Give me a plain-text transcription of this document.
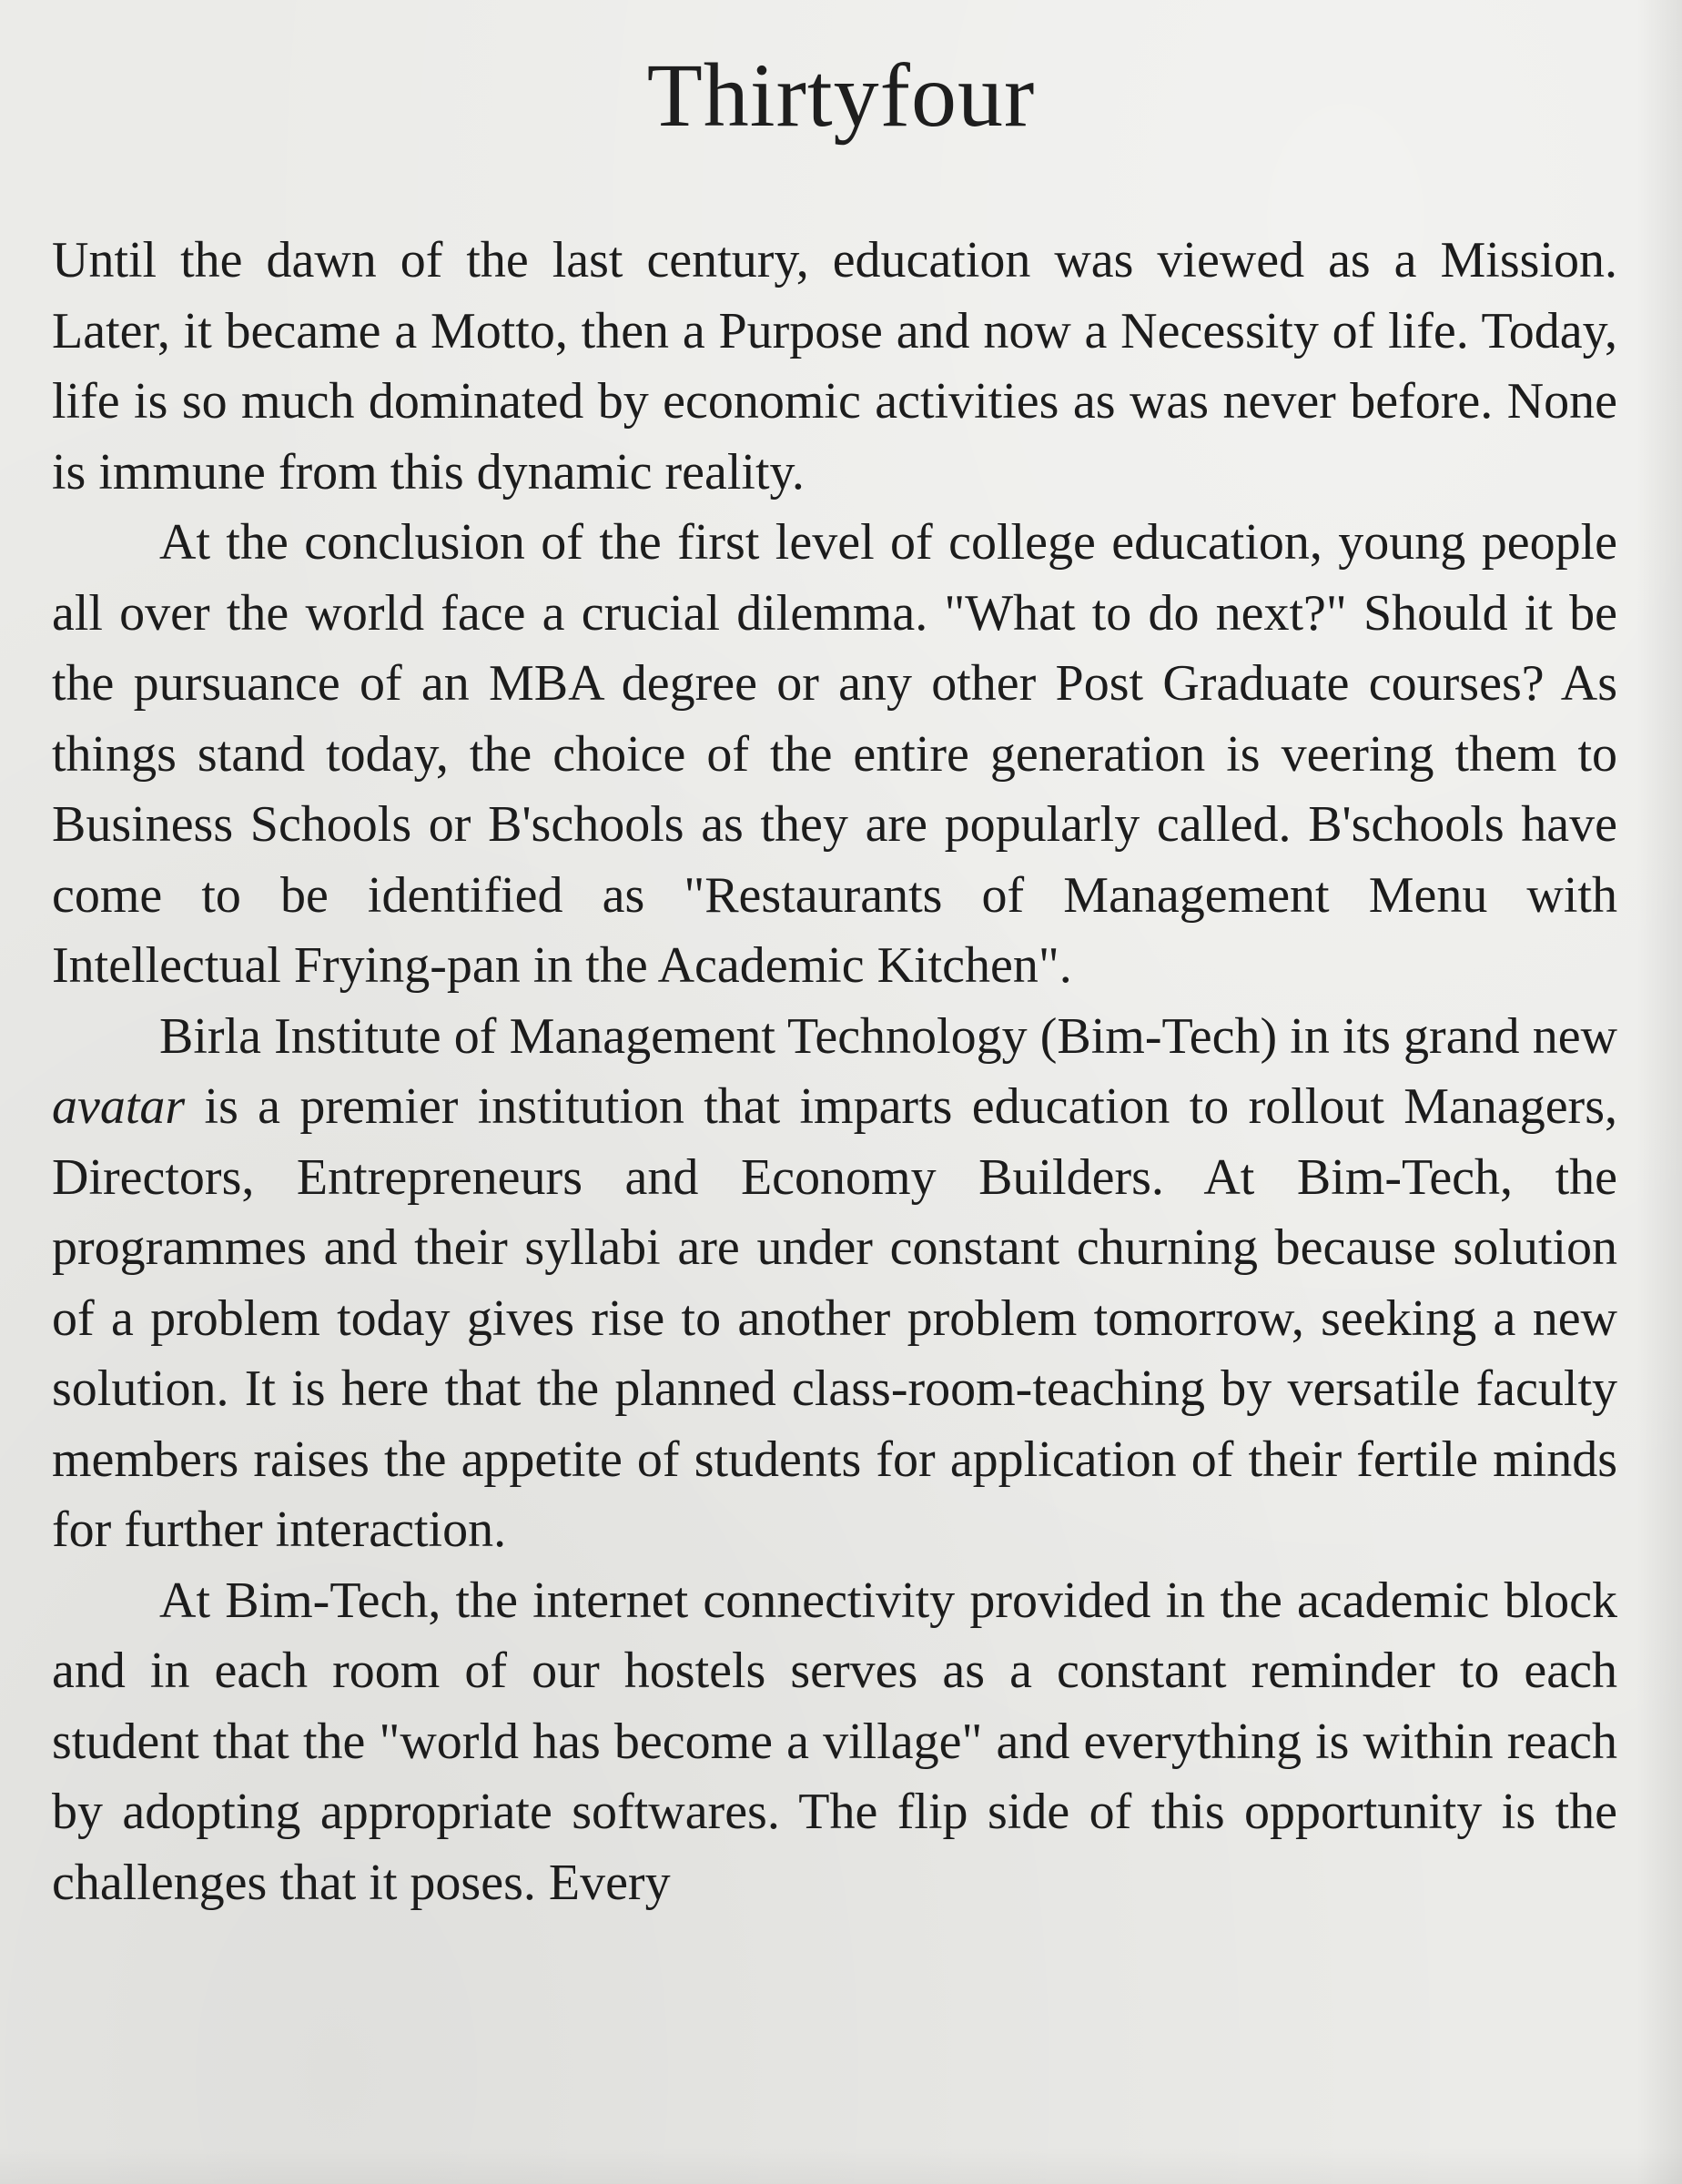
Thirtyfour

Until the dawn of the last century, education was viewed as a Mission. Later, it became a Motto, then a Purpose and now a Necessity of life. Today, life is so much dominated by economic activities as was never before. None is immune from this dynamic reality.

At the conclusion of the first level of college education, young people all over the world face a crucial dilemma. "What to do next?" Should it be the pursuance of an MBA degree or any other Post Graduate courses? As things stand today, the choice of the entire generation is veering them to Business Schools or B'schools as they are popularly called. B'schools have come to be identified as "Restaurants of Management Menu with Intellectual Frying-pan in the Academic Kitchen".

Birla Institute of Management Technology (Bim-Tech) in its grand new avatar is a premier institution that imparts education to rollout Managers, Directors, Entrepreneurs and Economy Builders. At Bim-Tech, the programmes and their syllabi are under constant churning because solution of a problem today gives rise to another problem tomorrow, seeking a new solution. It is here that the planned class-room-teaching by versatile faculty members raises the appetite of students for application of their fertile minds for further interaction.

At Bim-Tech, the internet connectivity provided in the academic block and in each room of our hostels serves as a constant reminder to each student that the "world has become a village" and everything is within reach by adopting appropriate softwares. The flip side of this opportunity is the challenges that it poses. Every
